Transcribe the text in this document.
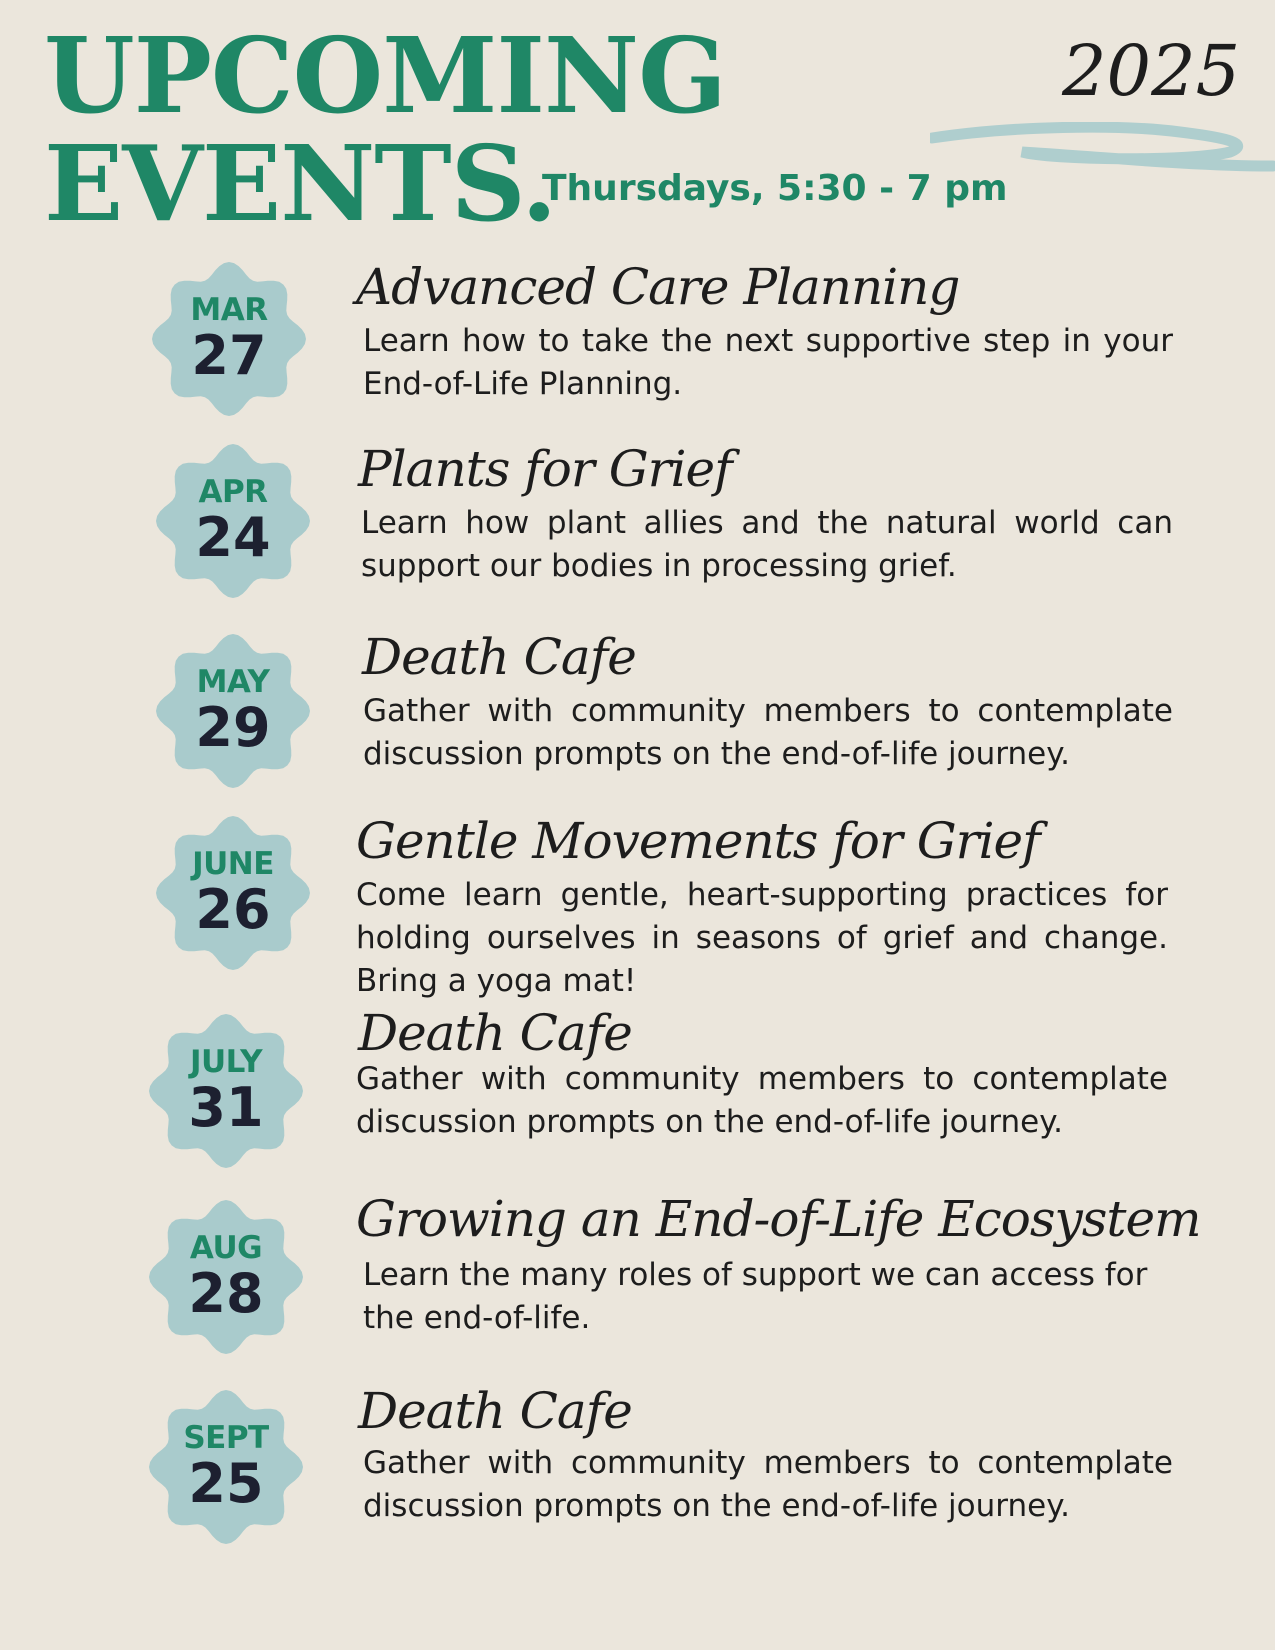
UPCOMING
EVENTS.

Thursdays, 5:30 - 7 pm

2025

MAR
27

Advanced Care Planning

Learn how to take the next supportive step in your End-of-Life Planning.

APR
24

Plants for Grief

Learn how plant allies and the natural world can support our bodies in processing grief.

MAY
29

Death Cafe

Gather with community members to contemplate discussion prompts on the end-of-life journey.

JUNE
26

Gentle Movements for Grief

Come learn gentle, heart-supporting practices for holding ourselves in seasons of grief and change. Bring a yoga mat!

JULY
31

Death Cafe

Gather with community members to contemplate discussion prompts on the end-of-life journey.

AUG
28

Growing an End-of-Life Ecosystem

Learn the many roles of support we can access for the end-of-life.

SEPT
25

Death Cafe

Gather with community members to contemplate discussion prompts on the end-of-life journey.
